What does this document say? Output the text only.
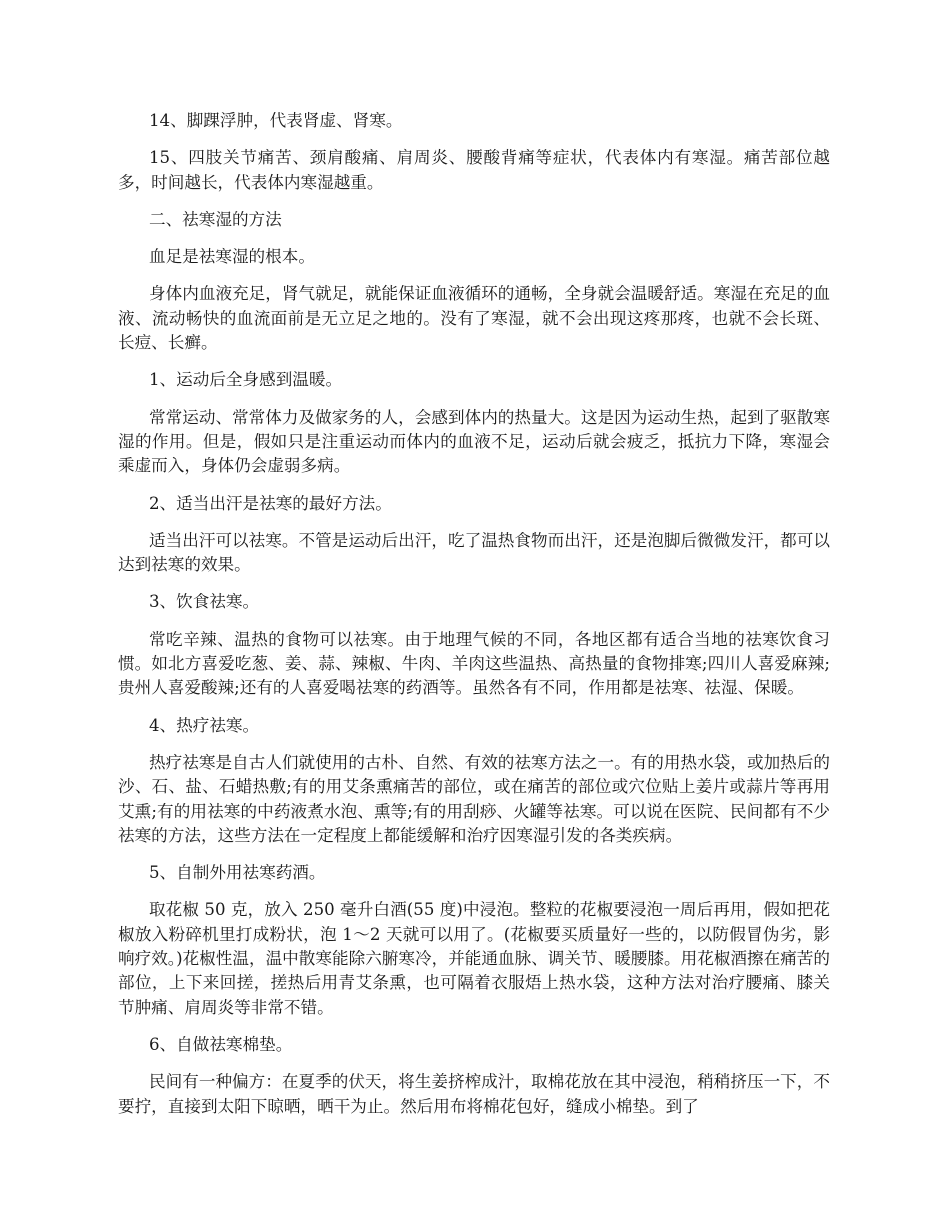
14、脚踝浮肿，代表肾虚、肾寒。

15、四肢关节痛苦、颈肩酸痛、肩周炎、腰酸背痛等症状，代表体内有寒湿。痛苦部位越多，时间越长，代表体内寒湿越重。

二、祛寒湿的方法

血足是祛寒湿的根本。

身体内血液充足，肾气就足，就能保证血液循环的通畅，全身就会温暖舒适。寒湿在充足的血液、流动畅快的血流面前是无立足之地的。没有了寒湿，就不会出现这疼那疼，也就不会长斑、长痘、长癣。

1、运动后全身感到温暖。

常常运动、常常体力及做家务的人，会感到体内的热量大。这是因为运动生热，起到了驱散寒湿的作用。但是，假如只是注重运动而体内的血液不足，运动后就会疲乏，抵抗力下降，寒湿会乘虚而入，身体仍会虚弱多病。

2、适当出汗是祛寒的最好方法。

适当出汗可以祛寒。不管是运动后出汗，吃了温热食物而出汗，还是泡脚后微微发汗，都可以达到祛寒的效果。

3、饮食祛寒。

常吃辛辣、温热的食物可以祛寒。由于地理气候的不同，各地区都有适合当地的祛寒饮食习惯。如北方喜爱吃葱、姜、蒜、辣椒、牛肉、羊肉这些温热、高热量的食物排寒;四川人喜爱麻辣;贵州人喜爱酸辣;还有的人喜爱喝祛寒的药酒等。虽然各有不同，作用都是祛寒、祛湿、保暖。

4、热疗祛寒。

热疗祛寒是自古人们就使用的古朴、自然、有效的祛寒方法之一。有的用热水袋，或加热后的沙、石、盐、石蜡热敷;有的用艾条熏痛苦的部位，或在痛苦的部位或穴位贴上姜片或蒜片等再用艾熏;有的用祛寒的中药液煮水泡、熏等;有的用刮痧、火罐等祛寒。可以说在医院、民间都有不少祛寒的方法，这些方法在一定程度上都能缓解和治疗因寒湿引发的各类疾病。

5、自制外用祛寒药酒。

取花椒 50 克，放入 250 毫升白酒(55 度)中浸泡。整粒的花椒要浸泡一周后再用，假如把花椒放入粉碎机里打成粉状，泡 1～2 天就可以用了。(花椒要买质量好一些的，以防假冒伪劣，影响疗效。)花椒性温，温中散寒能除六腑寒冷，并能通血脉、调关节、暖腰膝。用花椒酒擦在痛苦的部位，上下来回搓，搓热后用青艾条熏，也可隔着衣服焐上热水袋，这种方法对治疗腰痛、膝关节肿痛、肩周炎等非常不错。

6、自做祛寒棉垫。

民间有一种偏方：在夏季的伏天，将生姜挤榨成汁，取棉花放在其中浸泡，稍稍挤压一下，不要拧，直接到太阳下晾晒，晒干为止。然后用布将棉花包好，缝成小棉垫。到了
